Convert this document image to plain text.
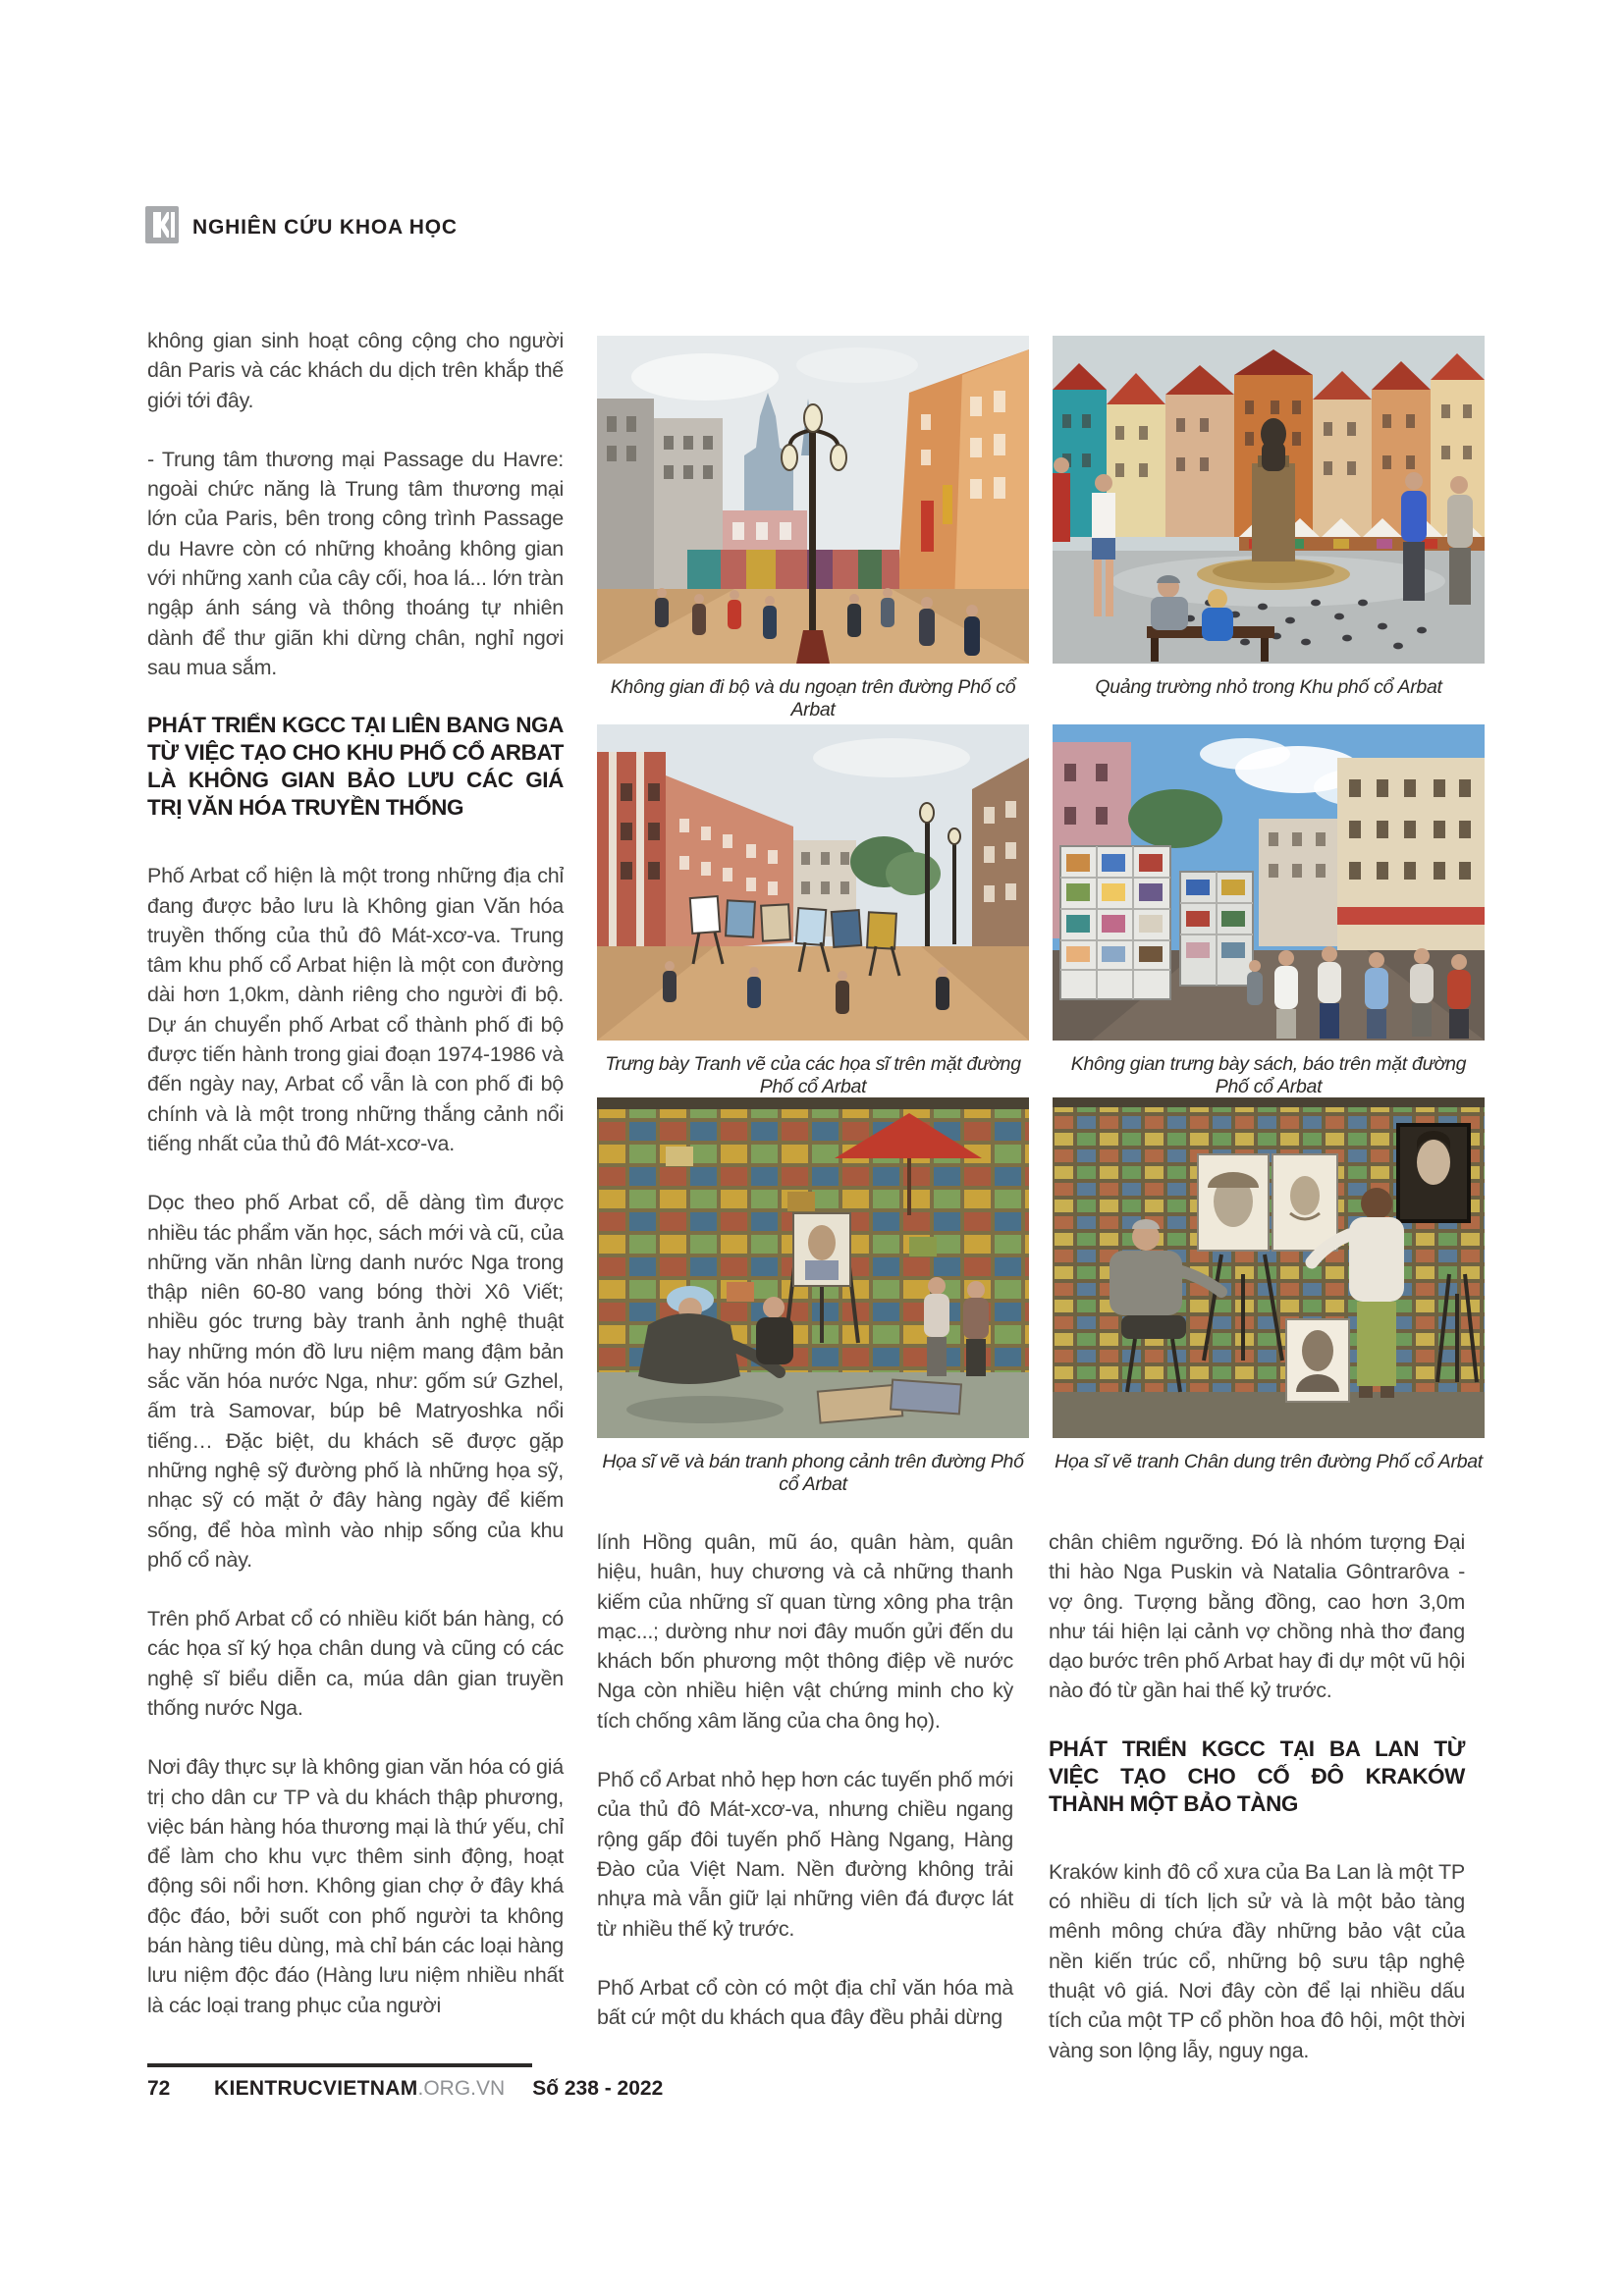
NGHIÊN CỨU KHOA HỌC

không gian sinh hoạt công cộng cho người dân Paris và các khách du dịch trên khắp thế giới tới đây.

- Trung tâm thương mại Passage du Havre: ngoài chức năng là Trung tâm thương mại lớn của Paris, bên trong công trình Passage du Havre còn có những khoảng không gian với những xanh của cây cối, hoa lá... lớn tràn ngập ánh sáng và thông thoáng tự nhiên dành để thư giãn khi dừng chân, nghỉ ngơi sau mua sắm.

PHÁT TRIỂN KGCC TẠI LIÊN BANG NGA TỪ VIỆC TẠO CHO KHU PHỐ CỔ ARBAT LÀ KHÔNG GIAN BẢO LƯU CÁC GIÁ TRỊ VĂN HÓA TRUYỀN THỐNG

Phố Arbat cổ hiện là một trong những địa chỉ đang được bảo lưu là Không gian Văn hóa truyền thống của thủ đô Mát-xcơ-va. Trung tâm khu phố cổ Arbat hiện là một con đường dài hơn 1,0km, dành riêng cho người đi bộ. Dự án chuyển phố Arbat cổ thành phố đi bộ được tiến hành trong giai đoạn 1974-1986 và đến ngày nay, Arbat cổ vẫn là con phố đi bộ chính và là một trong những thắng cảnh nổi tiếng nhất của thủ đô Mát-xcơ-va.

Dọc theo phố Arbat cổ, dễ dàng tìm được nhiều tác phẩm văn học, sách mới và cũ, của những văn nhân lừng danh nước Nga trong thập niên 60-80 vang bóng thời Xô Viết; nhiều góc trưng bày tranh ảnh nghệ thuật hay những món đồ lưu niệm mang đậm bản sắc văn hóa nước Nga, như: gốm sứ Gzhel, ấm trà Samovar, búp bê Matryoshka nổi tiếng… Đặc biệt, du khách sẽ được gặp những nghệ sỹ đường phố là những họa sỹ, nhạc sỹ có mặt ở đây hàng ngày để kiếm sống, để hòa mình vào nhịp sống của khu phố cổ này.

Trên phố Arbat cổ có nhiều kiốt bán hàng, có các họa sĩ ký họa chân dung và cũng có các nghệ sĩ biểu diễn ca, múa dân gian truyền thống nước Nga.

Nơi đây thực sự là không gian văn hóa có giá trị cho dân cư TP và du khách thập phương, việc bán hàng hóa thương mại là thứ yếu, chỉ để làm cho khu vực thêm sinh động, hoạt động sôi nổi hơn. Không gian chợ ở đây khá độc đáo, bởi suốt con phố người ta không bán hàng tiêu dùng, mà chỉ bán các loại hàng lưu niệm độc đáo (Hàng lưu niệm nhiều nhất là các loại trang phục của người

Không gian đi bộ và du ngoạn trên đường Phố cổ Arbat
Quảng trường nhỏ trong Khu phố cổ Arbat
Trưng bày Tranh vẽ của các họa sĩ trên mặt đường Phố cổ Arbat
Không gian trưng bày sách, báo trên mặt đường Phố cổ Arbat
Họa sĩ vẽ và bán tranh phong cảnh trên đường Phố cổ Arbat
Họa sĩ vẽ tranh Chân dung trên đường Phố cổ Arbat

lính Hồng quân, mũ áo, quân hàm, quân hiệu, huân, huy chương và cả những thanh kiếm của những sĩ quan từng xông pha trận mạc...; dường như nơi đây muốn gửi đến du khách bốn phương một thông điệp về nước Nga còn nhiều hiện vật chứng minh cho kỳ tích chống xâm lăng của cha ông họ).

Phố cổ Arbat nhỏ hẹp hơn các tuyến phố mới của thủ đô Mát-xcơ-va, nhưng chiều ngang rộng gấp đôi tuyến phố Hàng Ngang, Hàng Đào của Việt Nam. Nền đường không trải nhựa mà vẫn giữ lại những viên đá được lát từ nhiều thế kỷ trước.

Phố Arbat cổ còn có một địa chỉ văn hóa mà bất cứ một du khách qua đây đều phải dừng

chân chiêm ngưỡng. Đó là nhóm tượng Đại thi hào Nga Puskin và Natalia Gôntrarôva - vợ ông. Tượng bằng đồng, cao hơn 3,0m như tái hiện lại cảnh vợ chồng nhà thơ đang dạo bước trên phố Arbat hay đi dự một vũ hội nào đó từ gần hai thế kỷ trước.

PHÁT TRIỂN KGCC TẠI BA LAN TỪ VIỆC TẠO CHO CỐ ĐÔ KRAKÓW THÀNH MỘT BẢO TÀNG

Kraków kinh đô cổ xưa của Ba Lan là một TP có nhiều di tích lịch sử và là một bảo tàng mênh mông chứa đầy những bảo vật của nền kiến trúc cổ, những bộ sưu tập nghệ thuật vô giá. Nơi đây còn để lại nhiều dấu tích của một TP cổ phồn hoa đô hội, một thời vàng son lộng lẫy, nguy nga.

72	KIENTRUCVIETNAM.ORG.VN Số 238 - 2022
